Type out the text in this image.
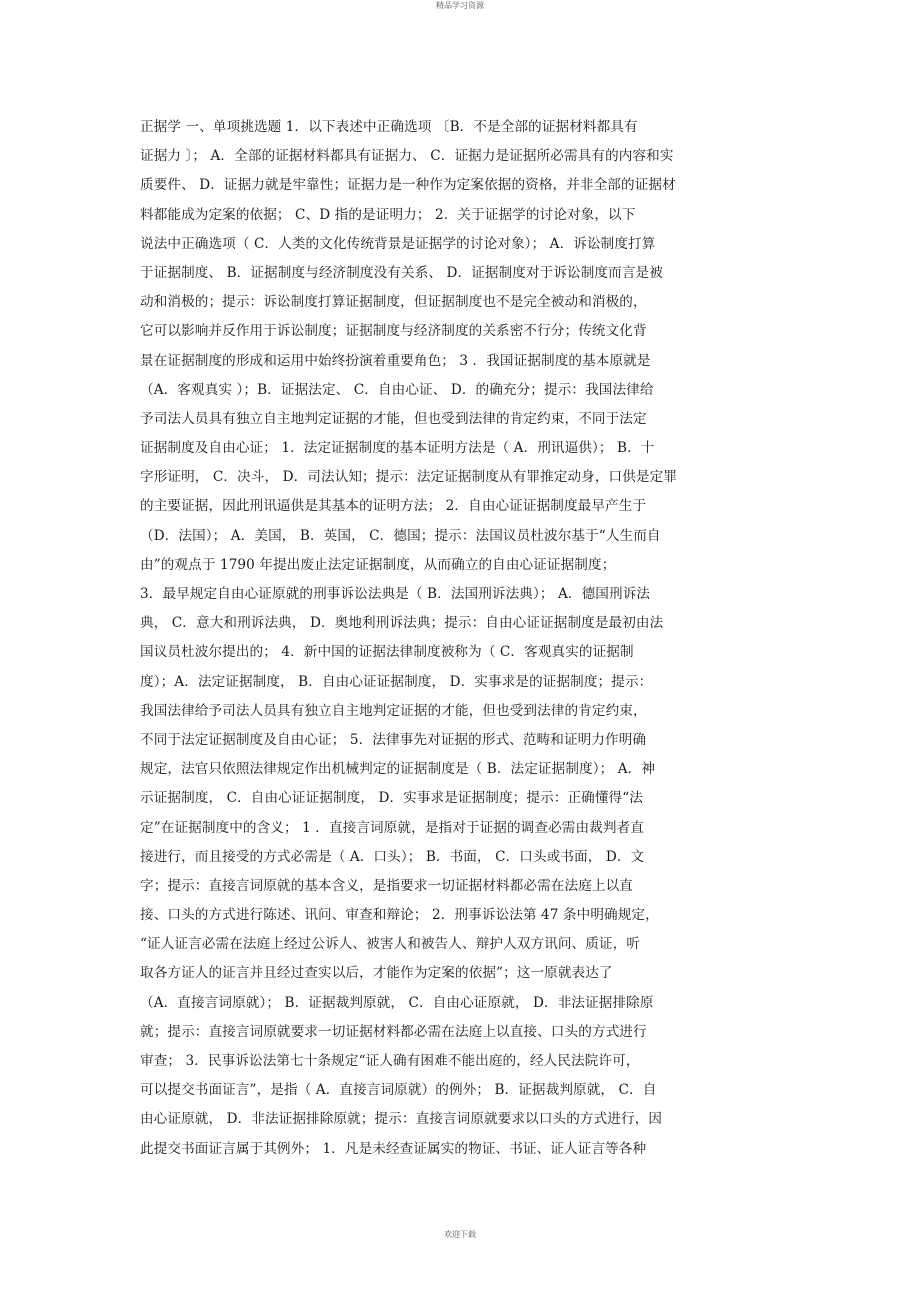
精品学习资源
正据学 一、单项挑选题 1．以下表述中正确选项 〔B．不是全部的证据材料都具有
证据力 〕； A．全部的证据材料都具有证据力、 C．证据力是证据所必需具有的内容和实
质要件、 D．证据力就是牢靠性；证据力是一种作为定案依据的资格，并非全部的证据材
料都能成为定案的依据； C、D 指的是证明力； 2．关于证据学的讨论对象，以下
说法中正确选项（ C．人类的文化传统背景是证据学的讨论对象）； A．诉讼制度打算
于证据制度、 B．证据制度与经济制度没有关系、 D．证据制度对于诉讼制度而言是被
动和消极的；提示：诉讼制度打算证据制度，但证据制度也不是完全被动和消极的，
它可以影响并反作用于诉讼制度；证据制度与经济制度的关系密不行分；传统文化背
景在证据制度的形成和运用中始终扮演着重要角色； 3 ．我国证据制度的基本原就是
（A．客观真实 ）；B．证据法定、 C．自由心证、 D．的确充分；提示：我国法律给
予司法人员具有独立自主地判定证据的才能，但也受到法律的肯定约束，不同于法定
证据制度及自由心证； 1．法定证据制度的基本证明方法是（ A．刑讯逼供）； B．十
字形证明， C．决斗， D．司法认知；提示：法定证据制度从有罪推定动身，口供是定罪
的主要证据，因此刑讯逼供是其基本的证明方法； 2．自由心证证据制度最早产生于
（D．法国）； A．美国， B．英国， C．德国；提示：法国议员杜波尔基于“人生而自
由”的观点于 1790 年提出废止法定证据制度，从而确立的自由心证证据制度；
3．最早规定自由心证原就的刑事诉讼法典是（ B．法国刑诉法典）； A．德国刑诉法
典， C．意大和刑诉法典， D．奥地利刑诉法典；提示：自由心证证据制度是最初由法
国议员杜波尔提出的； 4．新中国的证据法律制度被称为（ C．客观真实的证据制
度）；A．法定证据制度， B．自由心证证据制度， D．实事求是的证据制度；提示：
我国法律给予司法人员具有独立自主地判定证据的才能，但也受到法律的肯定约束，
不同于法定证据制度及自由心证； 5．法律事先对证据的形式、范畴和证明力作明确
规定，法官只依照法律规定作出机械判定的证据制度是（ B．法定证据制度）； A．神
示证据制度， C．自由心证证据制度， D．实事求是证据制度；提示：正确懂得“法
定”在证据制度中的含义； 1 ．直接言词原就，是指对于证据的调查必需由裁判者直
接进行，而且接受的方式必需是（ A．口头）； B．书面， C．口头或书面， D．文
字；提示：直接言词原就的基本含义，是指要求一切证据材料都必需在法庭上以直
接、口头的方式进行陈述、讯问、审查和辩论； 2．刑事诉讼法第 47 条中明确规定，
“证人证言必需在法庭上经过公诉人、被害人和被告人、辩护人双方讯问、质证，听
取各方证人的证言并且经过查实以后，才能作为定案的依据”；这一原就表达了
（A．直接言词原就）； B．证据裁判原就， C．自由心证原就， D．非法证据排除原
就；提示：直接言词原就要求一切证据材料都必需在法庭上以直接、口头的方式进行
审查； 3．民事诉讼法第七十条规定“证人确有困难不能出庭的，经人民法院许可，
可以提交书面证言”，是指（ A．直接言词原就）的例外； B．证据裁判原就， C．自
由心证原就， D．非法证据排除原就；提示：直接言词原就要求以口头的方式进行，因
此提交书面证言属于其例外； 1．凡是未经查证属实的物证、书证、证人证言等各种
欢迎下载
